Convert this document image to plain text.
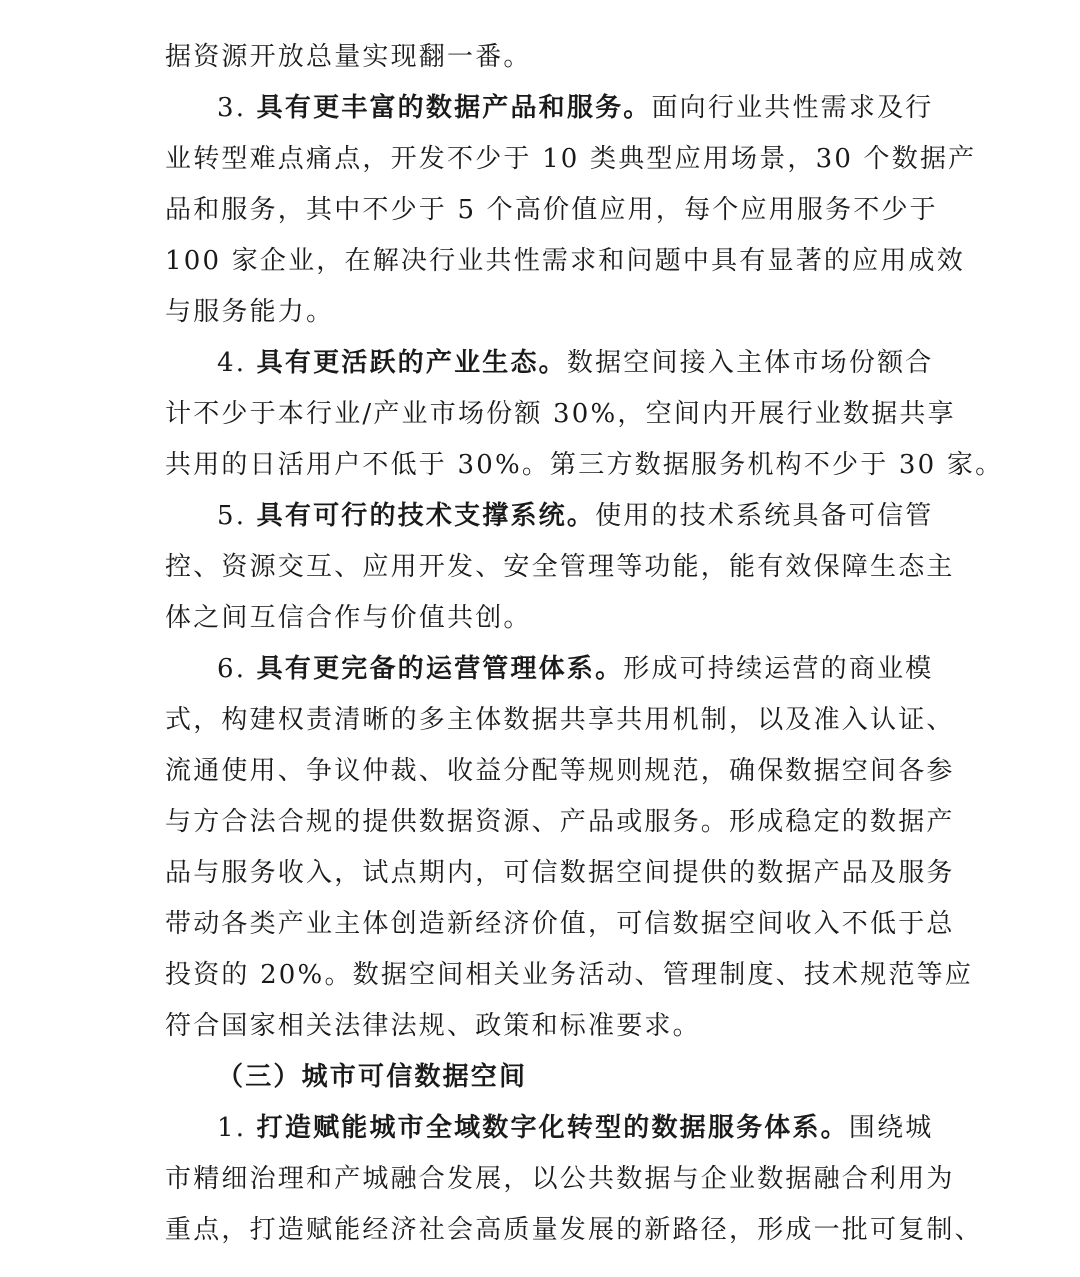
据资源开放总量实现翻一番。
3. 具有更丰富的数据产品和服务。面向行业共性需求及行
业转型难点痛点，开发不少于 10 类典型应用场景，30 个数据产
品和服务，其中不少于 5 个高价值应用，每个应用服务不少于
100 家企业，在解决行业共性需求和问题中具有显著的应用成效
与服务能力。
4. 具有更活跃的产业生态。数据空间接入主体市场份额合
计不少于本行业/产业市场份额 30%，空间内开展行业数据共享
共用的日活用户不低于 30%。第三方数据服务机构不少于 30 家。
5. 具有可行的技术支撑系统。使用的技术系统具备可信管
控、资源交互、应用开发、安全管理等功能，能有效保障生态主
体之间互信合作与价值共创。
6. 具有更完备的运营管理体系。形成可持续运营的商业模
式，构建权责清晰的多主体数据共享共用机制，以及准入认证、
流通使用、争议仲裁、收益分配等规则规范，确保数据空间各参
与方合法合规的提供数据资源、产品或服务。形成稳定的数据产
品与服务收入，试点期内，可信数据空间提供的数据产品及服务
带动各类产业主体创造新经济价值，可信数据空间收入不低于总
投资的 20%。数据空间相关业务活动、管理制度、技术规范等应
符合国家相关法律法规、政策和标准要求。
（三）城市可信数据空间
1. 打造赋能城市全域数字化转型的数据服务体系。围绕城
市精细治理和产城融合发展，以公共数据与企业数据融合利用为
重点，打造赋能经济社会高质量发展的新路径，形成一批可复制、
